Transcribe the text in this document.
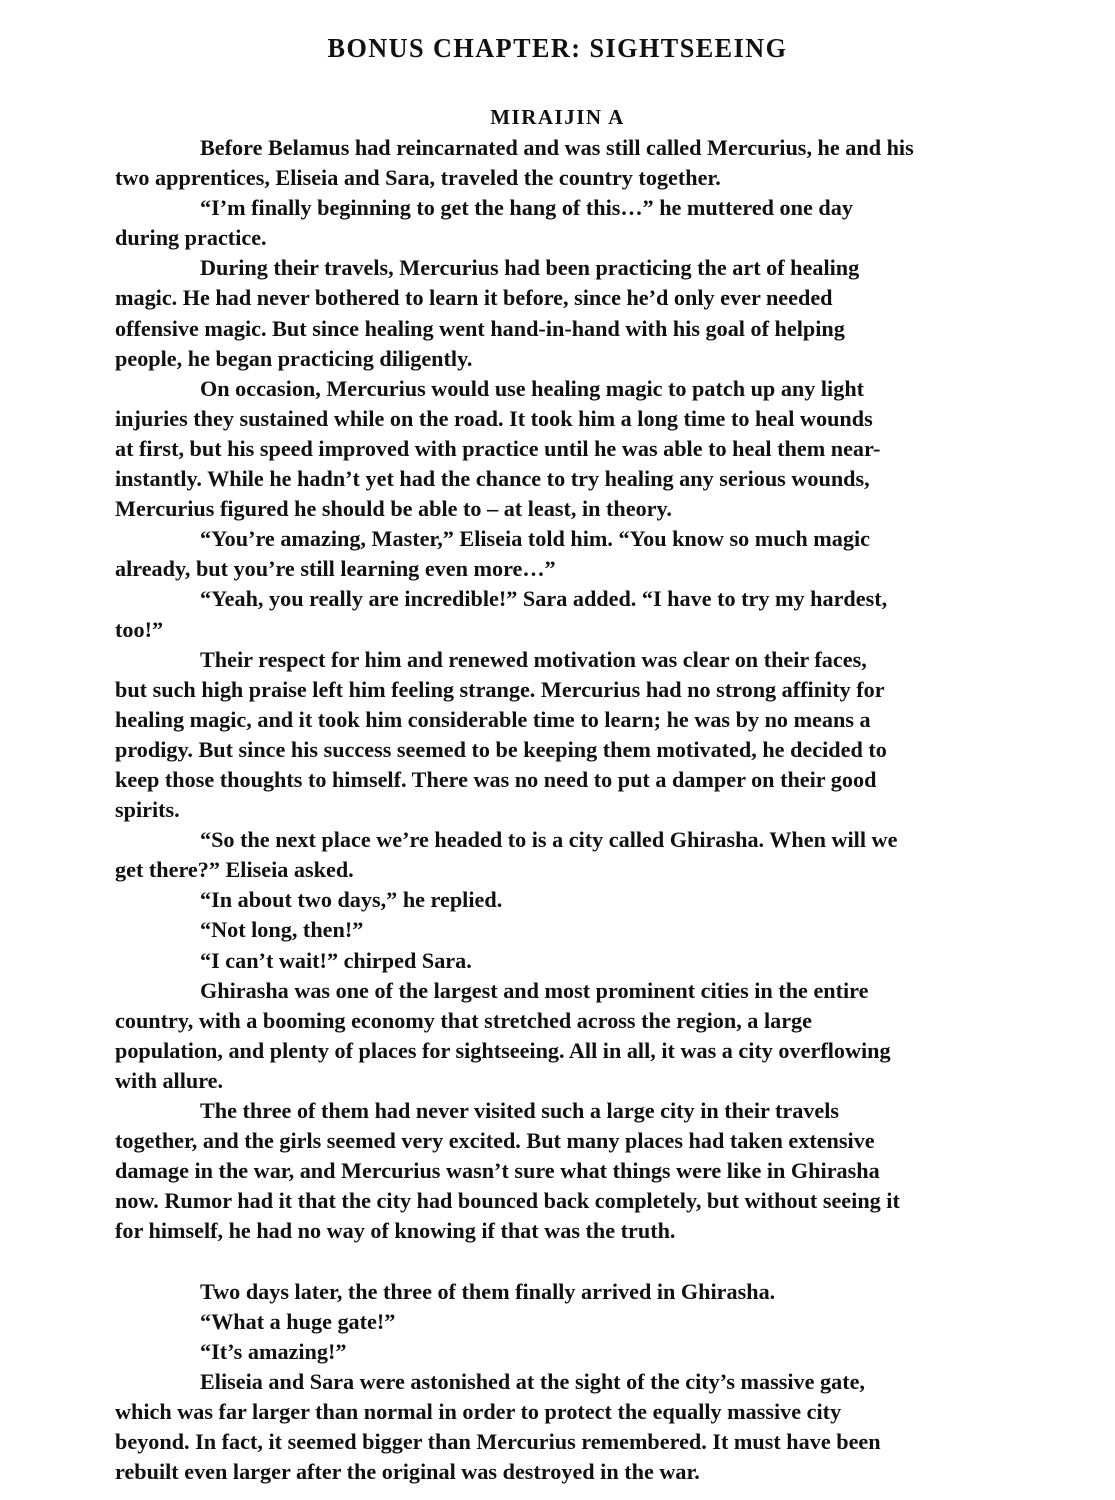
BONUS CHAPTER: SIGHTSEEING
MIRAIJIN A
Before Belamus had reincarnated and was still called Mercurius, he and his
two apprentices, Eliseia and Sara, traveled the country together.
“I’m finally beginning to get the hang of this…” he muttered one day
during practice.
During their travels, Mercurius had been practicing the art of healing
magic. He had never bothered to learn it before, since he’d only ever needed
offensive magic. But since healing went hand-in-hand with his goal of helping
people, he began practicing diligently.
On occasion, Mercurius would use healing magic to patch up any light
injuries they sustained while on the road. It took him a long time to heal wounds
at first, but his speed improved with practice until he was able to heal them near-
instantly. While he hadn’t yet had the chance to try healing any serious wounds,
Mercurius figured he should be able to – at least, in theory.
“You’re amazing, Master,” Eliseia told him. “You know so much magic
already, but you’re still learning even more…”
“Yeah, you really are incredible!” Sara added. “I have to try my hardest,
too!”
Their respect for him and renewed motivation was clear on their faces,
but such high praise left him feeling strange. Mercurius had no strong affinity for
healing magic, and it took him considerable time to learn; he was by no means a
prodigy. But since his success seemed to be keeping them motivated, he decided to
keep those thoughts to himself. There was no need to put a damper on their good
spirits.
“So the next place we’re headed to is a city called Ghirasha. When will we
get there?” Eliseia asked.
“In about two days,” he replied.
“Not long, then!”
“I can’t wait!” chirped Sara.
Ghirasha was one of the largest and most prominent cities in the entire
country, with a booming economy that stretched across the region, a large
population, and plenty of places for sightseeing. All in all, it was a city overflowing
with allure.
The three of them had never visited such a large city in their travels
together, and the girls seemed very excited. But many places had taken extensive
damage in the war, and Mercurius wasn’t sure what things were like in Ghirasha
now. Rumor had it that the city had bounced back completely, but without seeing it
for himself, he had no way of knowing if that was the truth.
Two days later, the three of them finally arrived in Ghirasha.
“What a huge gate!”
“It’s amazing!”
Eliseia and Sara were astonished at the sight of the city’s massive gate,
which was far larger than normal in order to protect the equally massive city
beyond. In fact, it seemed bigger than Mercurius remembered. It must have been
rebuilt even larger after the original was destroyed in the war.
